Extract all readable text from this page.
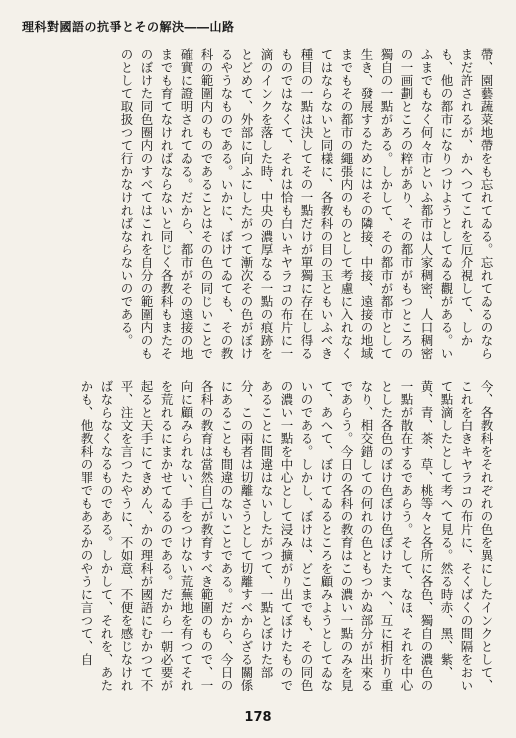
理科對國語の抗爭とその解決――山路

帶、園藝蔬菜地帶をも忘れてゐる。忘れてゐるのならまだ許されるが、かへつてこれを厄介視して、しかも、他の都市になりつけようとしてゐる觀がある。いふまでもなく何々市といふ都市は人家稠密、人口稠密の一画劃ところの粹があり、その都市がもつところの獨自の一點がある。しかして、その都市が都市として生き、發展するためにはその隣接、中接、遠接の地域までもその都市の繩張内のものとして考慮に入れなくてはならないと同樣に、各教科の目の玉ともいふべき種目の一點は決してその一點だけが單獨に存在し得るものではなくて、それは恰も白いキヤラコの布片に一滴のインクを落した時、中央の濃厚なる一點の痕跡をとどめて、外部に向ふにしたがつて漸次その色がぼけるやうなものである。いかに、ぼけてゐても、その教科の範圍内のものであることはその色の同じいことで確實に證明されてゐる。だから、都市がその遠接の地までも育てなければならないと同じく各教科もまたそのぼけた同色圈内のすべてはこれを自分の範圍内のものとして取扱つて行かなければならないのである。

今、各教科をそれぞれの色を異にしたインクとして、これを白きキヤラコの布片に、そくばくの間隔をおいて點滴したとして考へて見る。然る時赤、黑、紫、黄、青、茶、草、桃等々と各所に各色、獨自の濃色の一點が散在するであらう。そして、なほ、それを中心とした各色のぼけ色ぼけ色ぼけたまへ、互に相折り重なり、相交錯しての何れの色ともつかぬ部分が出來るであらう。今日の各科の教育はこの濃い一點のみを見て、あへて、ぼけてゐるところを顧みようとしてゐないのである。しかし、ぼけは、どこまでも、その同色の濃い一點を中心として浸み擴がり出てぼけたものであることに間違はないしたがつて、一點とぼけた部分、この兩者は切離さうとして切離すべからざる關係にあることも間違のないことである。だから、今日の各科の教育は當然自己が教育すべき範圍のもので、一向に顧みられない、手をつけない荒蕪地を有つてそれを荒れるにまかせてゐるのである。だから一朝必要が起ると天手にてきめん、かの理科が國語にむかつて不平、注文を言つたやうに、不如意、不便を感じなければならなくなるものである。しかして、それを、あたかも、他教科の罪でもあるかのやうに言つて、自

178
